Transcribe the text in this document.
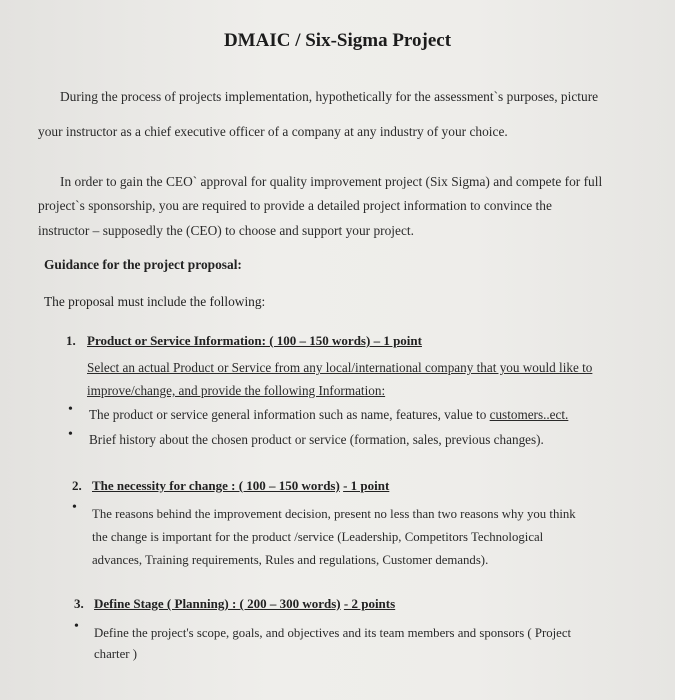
DMAIC / Six-Sigma Project
During the process of projects implementation, hypothetically for the assessment`s purposes, picture
your instructor as a chief executive officer of a company at any industry of your choice.
In order to gain the CEO` approval for quality improvement project (Six Sigma) and compete for full
project`s sponsorship, you are required to provide a detailed project information to convince the
instructor – supposedly the (CEO) to choose and support your project.
Guidance for the project proposal:
The proposal must include the following:
1. Product or Service Information: ( 100 – 150 words) – 1 point
Select an actual Product or Service from any local/international company that you would like to
improve/change, and provide the following Information:
• The product or service general information such as name, features, value to customers..ect.
• Brief history about the chosen product or service (formation, sales, previous changes).
2. The necessity for change : ( 100 – 150 words) - 1 point
• The reasons behind the improvement decision, present no less than two reasons why you think
the change is important for the product /service (Leadership, Competitors Technological
advances, Training requirements, Rules and regulations, Customer demands).
3. Define Stage ( Planning) : ( 200 – 300 words) - 2 points
• Define the project's scope, goals, and objectives and its team members and sponsors ( Project
charter )
